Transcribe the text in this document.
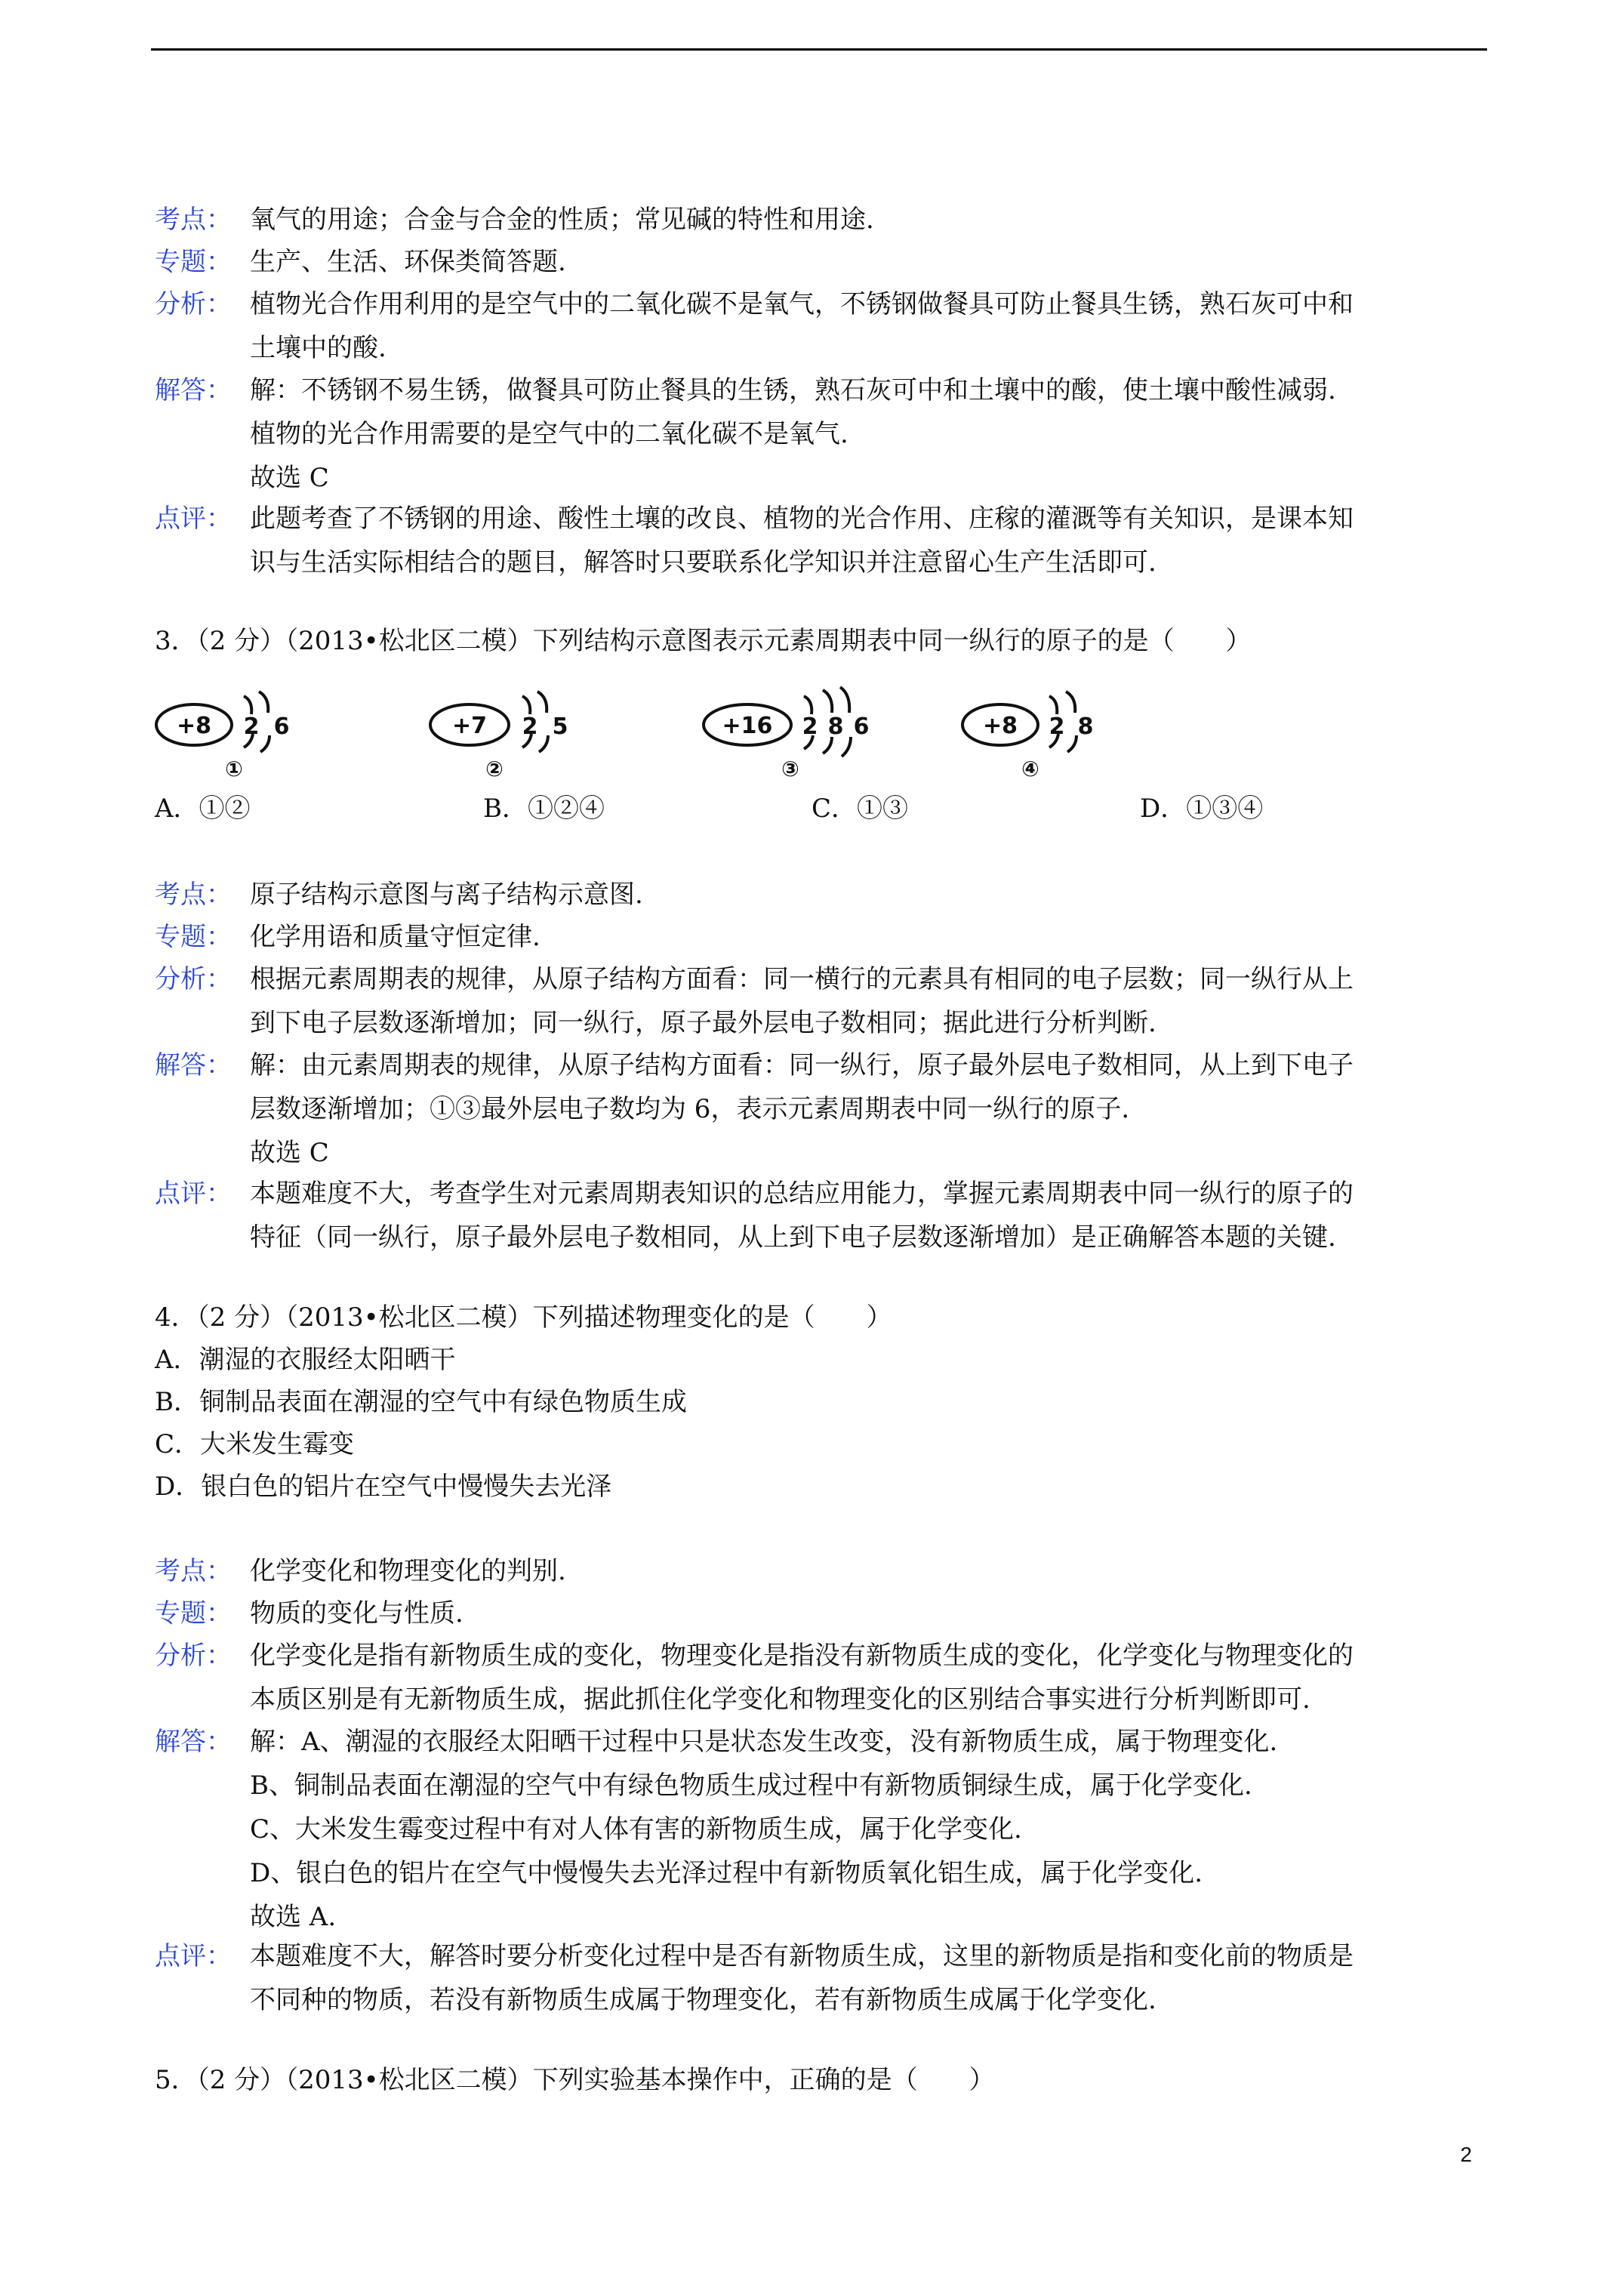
考点： 氧气的用途；合金与合金的性质；常见碱的特性和用途.
专题： 生产、生活、环保类简答题.
分析： 植物光合作用利用的是空气中的二氧化碳不是氧气，不锈钢做餐具可防止餐具生锈，熟石灰可中和
土壤中的酸.
解答： 解：不锈钢不易生锈，做餐具可防止餐具的生锈，熟石灰可中和土壤中的酸，使土壤中酸性减弱.
植物的光合作用需要的是空气中的二氧化碳不是氧气.
故选 C
点评： 此题考查了不锈钢的用途、酸性土壤的改良、植物的光合作用、庄稼的灌溉等有关知识，是课本知
识与生活实际相结合的题目，解答时只要联系化学知识并注意留心生产生活即可.
3．（2 分）（2013•松北区二模）下列结构示意图表示元素周期表中同一纵行的原子的是（　　）
+8 2 6
①
+7 2 5
②
+16 2 8 6
③
+8 2 8
④
A．①②	B．①②④	C．①③	D．①③④
考点： 原子结构示意图与离子结构示意图.
专题： 化学用语和质量守恒定律.
分析： 根据元素周期表的规律，从原子结构方面看：同一横行的元素具有相同的电子层数；同一纵行从上
到下电子层数逐渐增加；同一纵行，原子最外层电子数相同；据此进行分析判断.
解答： 解：由元素周期表的规律，从原子结构方面看：同一纵行，原子最外层电子数相同，从上到下电子
层数逐渐增加；①③最外层电子数均为 6，表示元素周期表中同一纵行的原子.
故选 C
点评： 本题难度不大，考查学生对元素周期表知识的总结应用能力，掌握元素周期表中同一纵行的原子的
特征（同一纵行，原子最外层电子数相同，从上到下电子层数逐渐增加）是正确解答本题的关键.
4．（2 分）（2013•松北区二模）下列描述物理变化的是（　　）
A．潮湿的衣服经太阳晒干
B．铜制品表面在潮湿的空气中有绿色物质生成
C．大米发生霉变
D．银白色的铝片在空气中慢慢失去光泽
考点： 化学变化和物理变化的判别.
专题： 物质的变化与性质.
分析： 化学变化是指有新物质生成的变化，物理变化是指没有新物质生成的变化，化学变化与物理变化的
本质区别是有无新物质生成，据此抓住化学变化和物理变化的区别结合事实进行分析判断即可.
解答： 解：A、潮湿的衣服经太阳晒干过程中只是状态发生改变，没有新物质生成，属于物理变化.
B、铜制品表面在潮湿的空气中有绿色物质生成过程中有新物质铜绿生成，属于化学变化.
C、大米发生霉变过程中有对人体有害的新物质生成，属于化学变化.
D、银白色的铝片在空气中慢慢失去光泽过程中有新物质氧化铝生成，属于化学变化.
故选 A.
点评： 本题难度不大，解答时要分析变化过程中是否有新物质生成，这里的新物质是指和变化前的物质是
不同种的物质，若没有新物质生成属于物理变化，若有新物质生成属于化学变化.
5．（2 分）（2013•松北区二模）下列实验基本操作中，正确的是（　　）
2
